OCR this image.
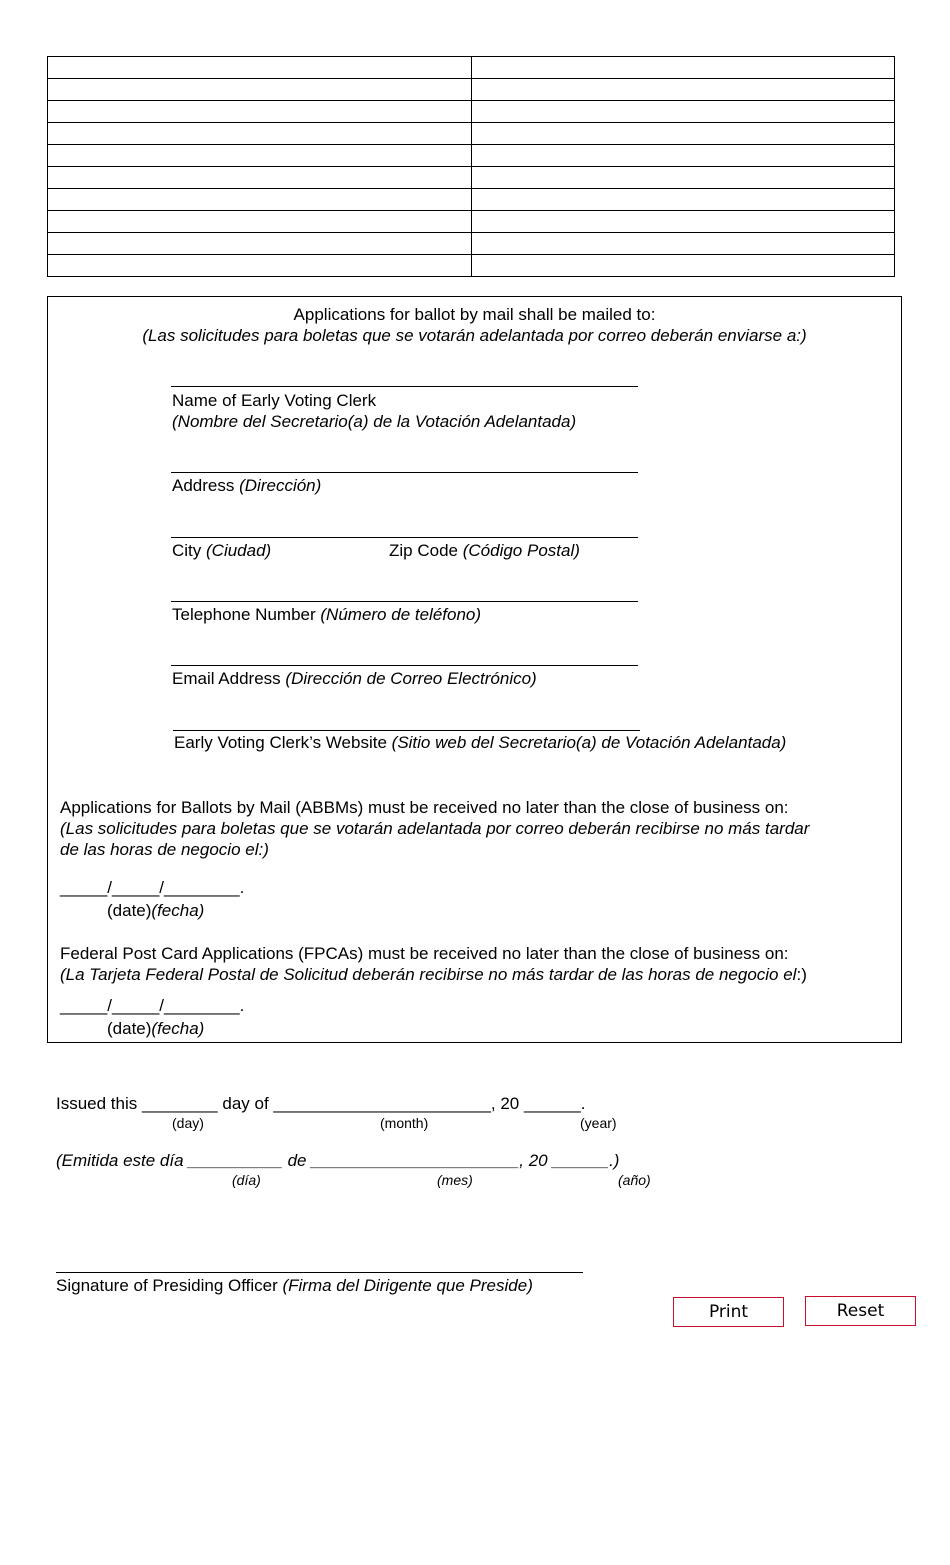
Applications for ballot by mail shall be mailed to:
(Las solicitudes para boletas que se votarán adelantada por correo deberán enviarse a:)
Name of Early Voting Clerk
(Nombre del Secretario(a) de la Votación Adelantada)
Address (Dirección)
City (Ciudad)	Zip Code (Código Postal)
Telephone Number (Número de teléfono)
Email Address (Dirección de Correo Electrónico)
Early Voting Clerk’s Website (Sitio web del Secretario(a) de Votación Adelantada)
Applications for Ballots by Mail (ABBMs) must be received no later than the close of business on:
(Las solicitudes para boletas que se votarán adelantada por correo deberán recibirse no más tardar
de las horas de negocio el:)
_____/_____/________.
(date)(fecha)
Federal Post Card Applications (FPCAs) must be received no later than the close of business on:
(La Tarjeta Federal Postal de Solicitud deberán recibirse no más tardar de las horas de negocio el:)
_____/_____/________.
(date)(fecha)
Issued this ________ day of _______________________, 20 ______.
(day)	(month)	(year)
(Emitida este día __________ de ______________________, 20 ______.)
(día)	(mes)	(año)
Signature of Presiding Officer (Firma del Dirigente que Preside)
Print	Reset
